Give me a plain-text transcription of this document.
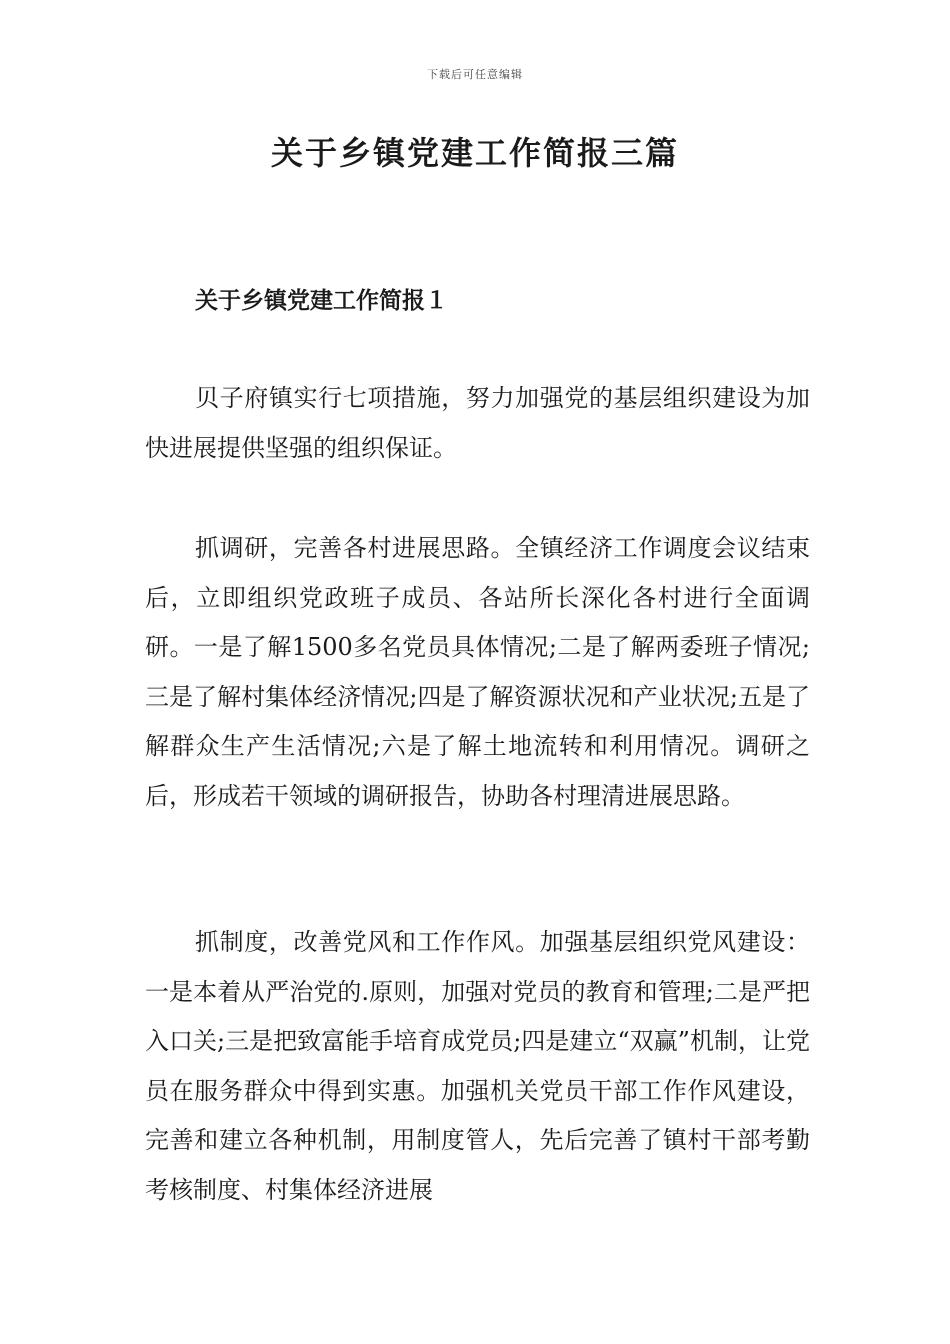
下载后可任意编辑
关于乡镇党建工作简报三篇
关于乡镇党建工作简报１

贝子府镇实行七项措施，努力加强党的基层组织建设为加快进展提供坚强的组织保证。

抓调研，完善各村进展思路。全镇经济工作调度会议结束后，立即组织党政班子成员、各站所长深化各村进行全面调研。一是了解1500多名党员具体情况;二是了解两委班子情况;三是了解村集体经济情况;四是了解资源状况和产业状况;五是了解群众生产生活情况;六是了解土地流转和利用情况。调研之后，形成若干领域的调研报告，协助各村理清进展思路。

抓制度，改善党风和工作作风。加强基层组织党风建设：一是本着从严治党的.原则，加强对党员的教育和管理;二是严把入口关;三是把致富能手培育成党员;四是建立“双赢”机制，让党员在服务群众中得到实惠。加强机关党员干部工作作风建设，完善和建立各种机制，用制度管人，先后完善了镇村干部考勤考核制度、村集体经济进展
